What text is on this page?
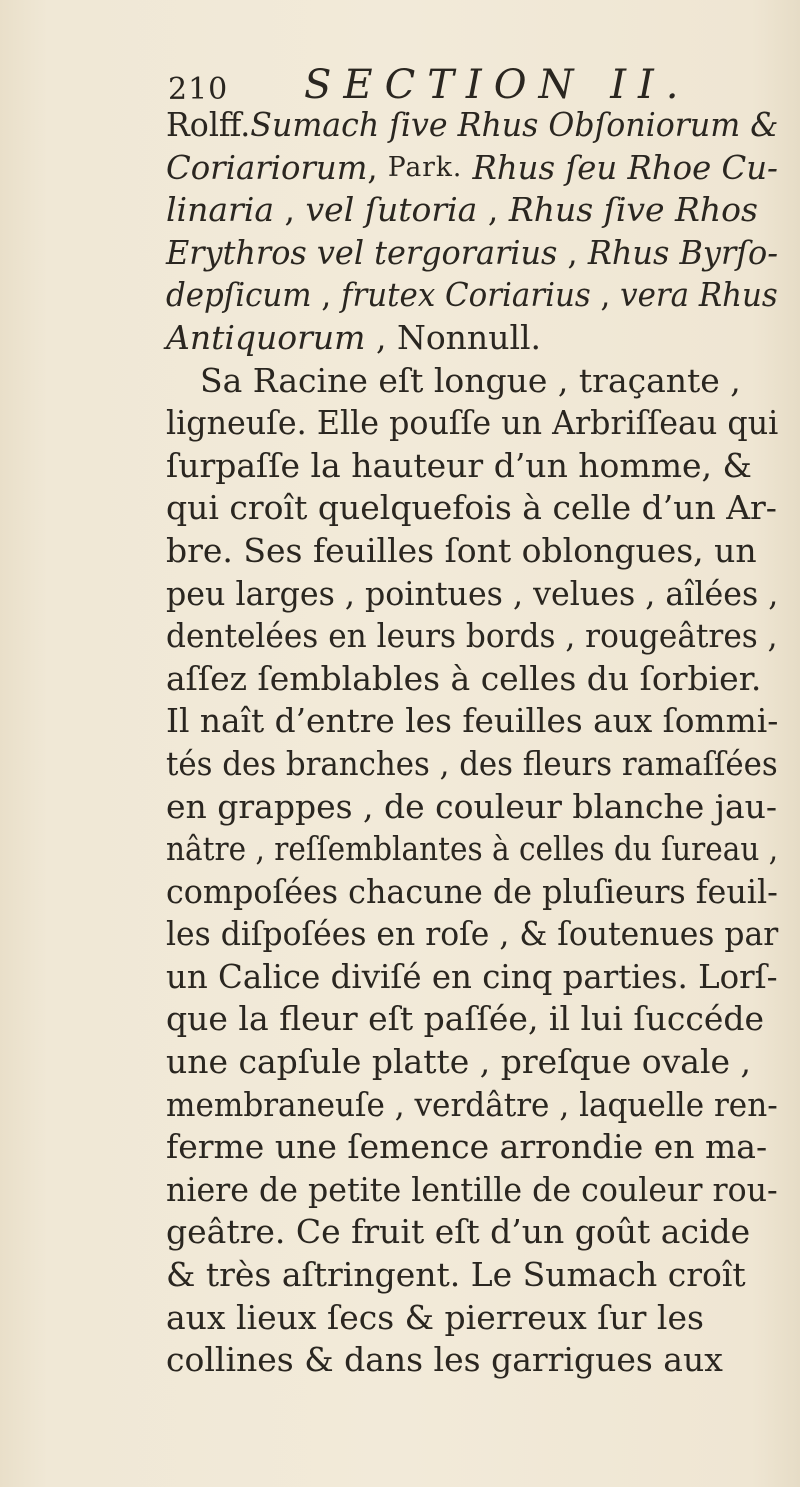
210 SECTION II.
Rolff. Sumach ſive Rhus Obſoniorum &
Coriariorum , Park. Rhus ſeu Rhoe Cu-
linaria , vel ſutoria , Rhus ſive Rhos
Erythros vel tergorarius , Rhus Byrſo-
depſicum , frutex Coriarius , vera Rhus
Antiquorum , Nonnull.
Sa Racine eſt longue , traçante ,
ligneuſe. Elle pouſſe un Arbriſſeau qui
ſurpaſſe la hauteur d’un homme, &
qui croît quelquefois à celle d’un Ar-
bre. Ses feuilles ſont oblongues, un
peu larges , pointues , velues , aîlées ,
dentelées en leurs bords , rougeâtres ,
aſſez ſemblables à celles du ſorbier.
Il naît d’entre les feuilles aux ſommi-
tés des branches , des fleurs ramaſſées
en grappes , de couleur blanche jau-
nâtre , reſſemblantes à celles du ſureau ,
compoſées chacune de pluſieurs feuil-
les diſpoſées en roſe , & ſoutenues par
un Calice diviſé en cinq parties. Lorſ-
que la fleur eſt paſſée, il lui ſuccéde
une capſule platte , preſque ovale ,
membraneuſe , verdâtre , laquelle ren-
ferme une ſemence arrondie en ma-
niere de petite lentille de couleur rou-
geâtre. Ce fruit eſt d’un goût acide
& très aſtringent. Le Sumach croît
aux lieux ſecs & pierreux ſur les
collines & dans les garrigues aux
